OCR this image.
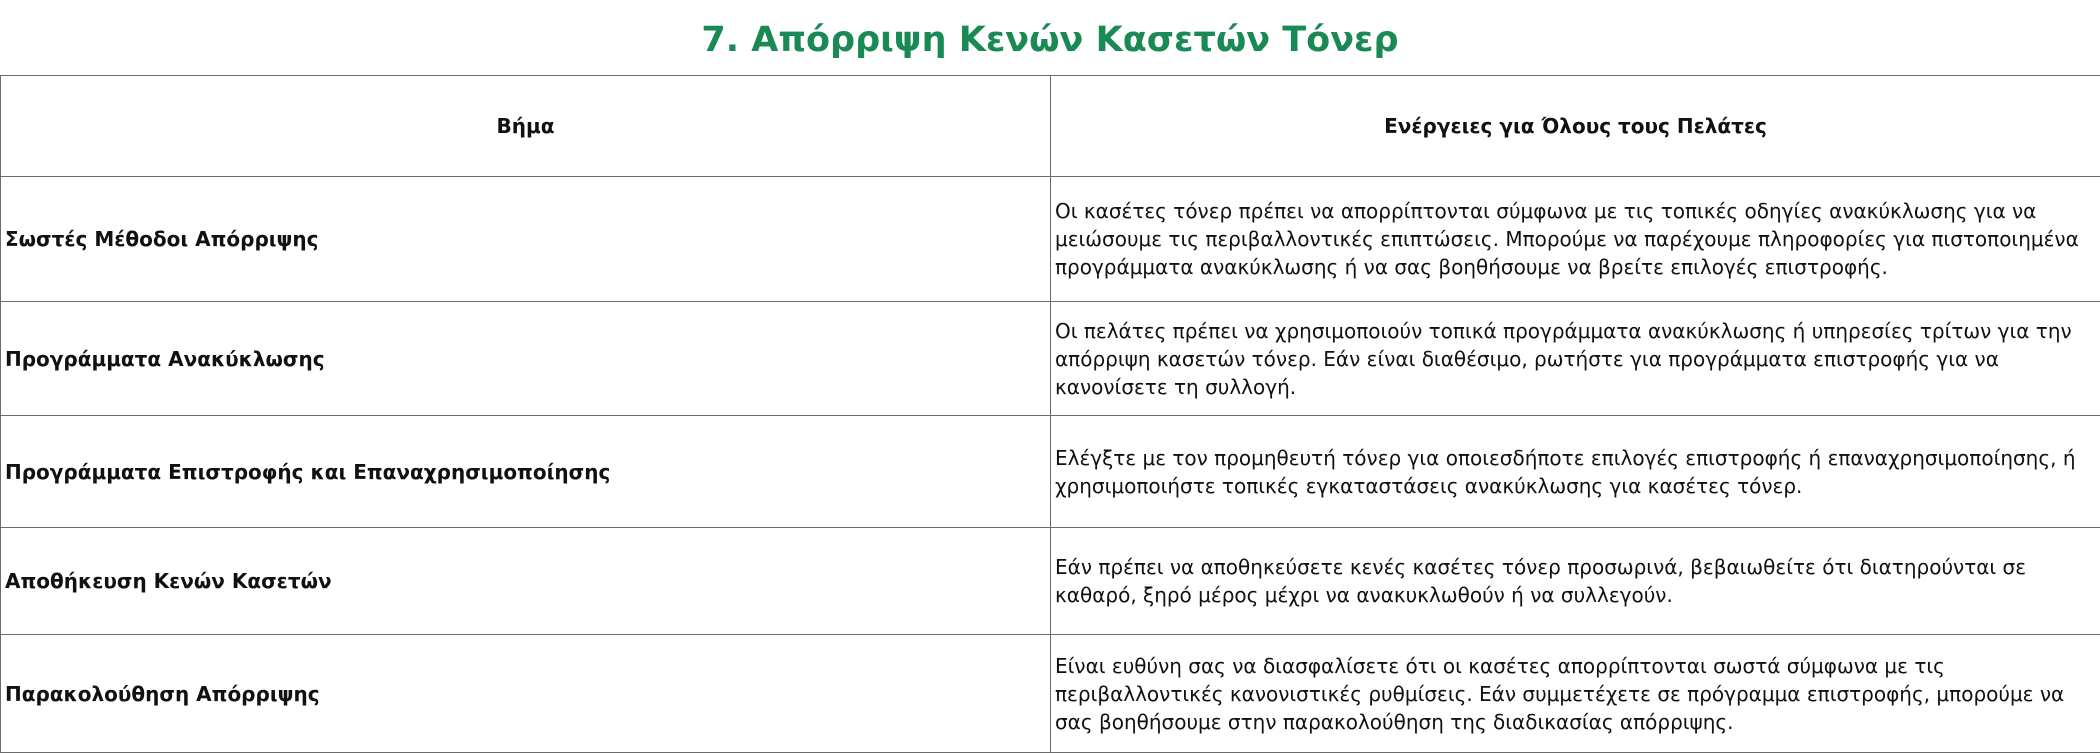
7. Απόρριψη Κενών Κασετών Τόνερ
Βήμα	Ενέργειες για Όλους τους Πελάτες
Σωστές Μέθοδοι Απόρριψης	Οι κασέτες τόνερ πρέπει να απορρίπτονται σύμφωνα με τις τοπικές οδηγίες ανακύκλωσης για να μειώσουμε τις περιβαλλοντικές επιπτώσεις. Μπορούμε να παρέχουμε πληροφορίες για πιστοποιημένα προγράμματα ανακύκλωσης ή να σας βοηθήσουμε να βρείτε επιλογές επιστροφής.
Προγράμματα Ανακύκλωσης	Οι πελάτες πρέπει να χρησιμοποιούν τοπικά προγράμματα ανακύκλωσης ή υπηρεσίες τρίτων για την απόρριψη κασετών τόνερ. Εάν είναι διαθέσιμο, ρωτήστε για προγράμματα επιστροφής για να κανονίσετε τη συλλογή.
Προγράμματα Επιστροφής και Επαναχρησιμοποίησης	Ελέγξτε με τον προμηθευτή τόνερ για οποιεσδήποτε επιλογές επιστροφής ή επαναχρησιμοποίησης, ή χρησιμοποιήστε τοπικές εγκαταστάσεις ανακύκλωσης για κασέτες τόνερ.
Αποθήκευση Κενών Κασετών	Εάν πρέπει να αποθηκεύσετε κενές κασέτες τόνερ προσωρινά, βεβαιωθείτε ότι διατηρούνται σε καθαρό, ξηρό μέρος μέχρι να ανακυκλωθούν ή να συλλεγούν.
Παρακολούθηση Απόρριψης	Είναι ευθύνη σας να διασφαλίσετε ότι οι κασέτες απορρίπτονται σωστά σύμφωνα με τις περιβαλλοντικές κανονιστικές ρυθμίσεις. Εάν συμμετέχετε σε πρόγραμμα επιστροφής, μπορούμε να σας βοηθήσουμε στην παρακολούθηση της διαδικασίας απόρριψης.
